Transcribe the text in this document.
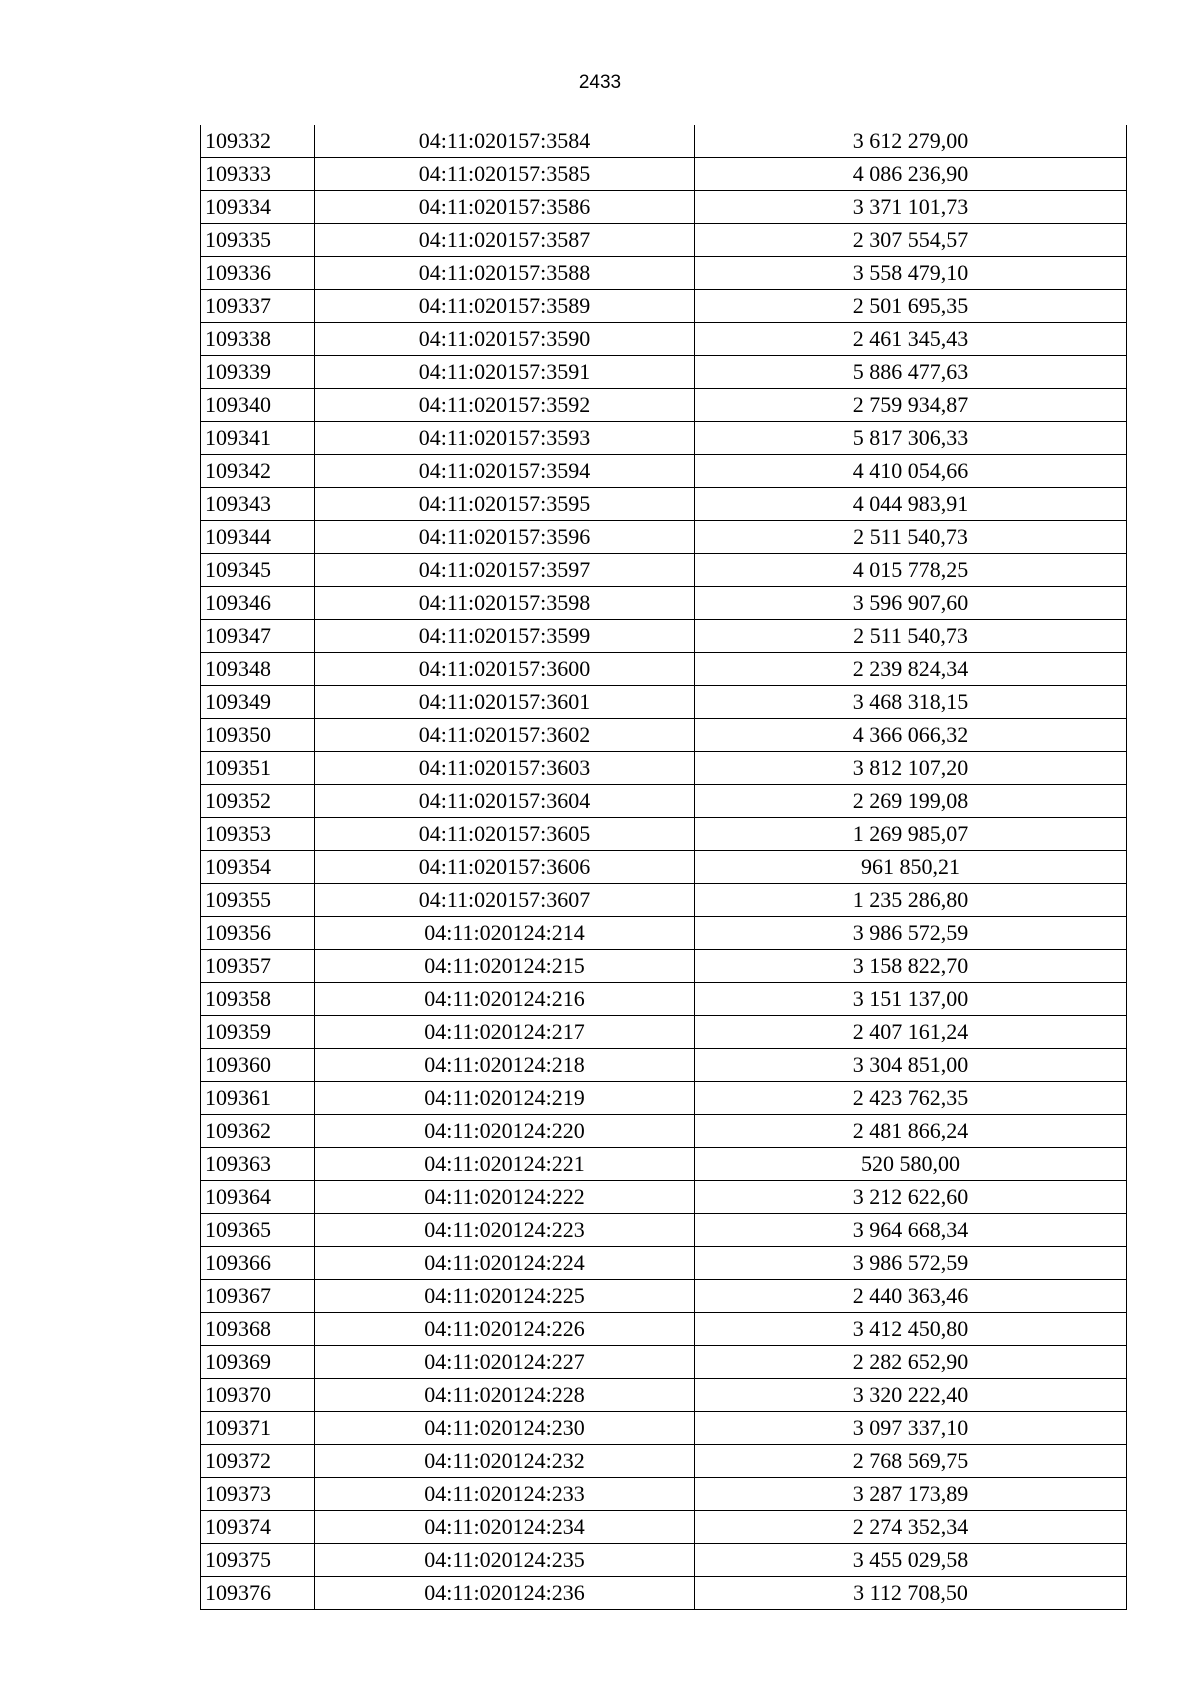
2433
109332	04:11:020157:3584	3 612 279,00
109333	04:11:020157:3585	4 086 236,90
109334	04:11:020157:3586	3 371 101,73
109335	04:11:020157:3587	2 307 554,57
109336	04:11:020157:3588	3 558 479,10
109337	04:11:020157:3589	2 501 695,35
109338	04:11:020157:3590	2 461 345,43
109339	04:11:020157:3591	5 886 477,63
109340	04:11:020157:3592	2 759 934,87
109341	04:11:020157:3593	5 817 306,33
109342	04:11:020157:3594	4 410 054,66
109343	04:11:020157:3595	4 044 983,91
109344	04:11:020157:3596	2 511 540,73
109345	04:11:020157:3597	4 015 778,25
109346	04:11:020157:3598	3 596 907,60
109347	04:11:020157:3599	2 511 540,73
109348	04:11:020157:3600	2 239 824,34
109349	04:11:020157:3601	3 468 318,15
109350	04:11:020157:3602	4 366 066,32
109351	04:11:020157:3603	3 812 107,20
109352	04:11:020157:3604	2 269 199,08
109353	04:11:020157:3605	1 269 985,07
109354	04:11:020157:3606	961 850,21
109355	04:11:020157:3607	1 235 286,80
109356	04:11:020124:214	3 986 572,59
109357	04:11:020124:215	3 158 822,70
109358	04:11:020124:216	3 151 137,00
109359	04:11:020124:217	2 407 161,24
109360	04:11:020124:218	3 304 851,00
109361	04:11:020124:219	2 423 762,35
109362	04:11:020124:220	2 481 866,24
109363	04:11:020124:221	520 580,00
109364	04:11:020124:222	3 212 622,60
109365	04:11:020124:223	3 964 668,34
109366	04:11:020124:224	3 986 572,59
109367	04:11:020124:225	2 440 363,46
109368	04:11:020124:226	3 412 450,80
109369	04:11:020124:227	2 282 652,90
109370	04:11:020124:228	3 320 222,40
109371	04:11:020124:230	3 097 337,10
109372	04:11:020124:232	2 768 569,75
109373	04:11:020124:233	3 287 173,89
109374	04:11:020124:234	2 274 352,34
109375	04:11:020124:235	3 455 029,58
109376	04:11:020124:236	3 112 708,50
